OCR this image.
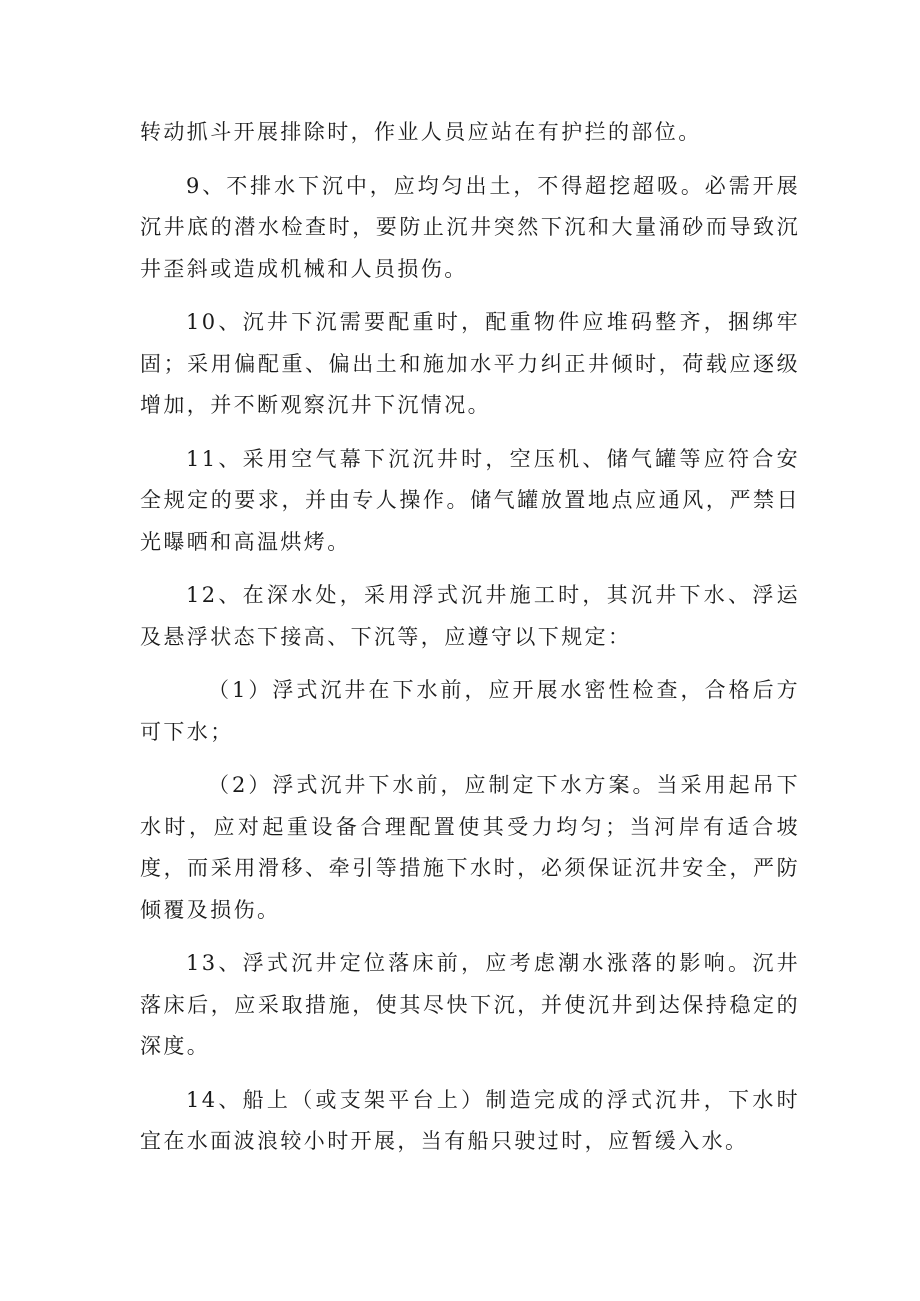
转动抓斗开展排除时，作业人员应站在有护拦的部位。

9、不排水下沉中，应均匀出土，不得超挖超吸。必需开展沉井底的潜水检查时，要防止沉井突然下沉和大量涌砂而导致沉井歪斜或造成机械和人员损伤。

10、沉井下沉需要配重时，配重物件应堆码整齐，捆绑牢固；采用偏配重、偏出土和施加水平力纠正井倾时，荷载应逐级增加，并不断观察沉井下沉情况。

11、采用空气幕下沉沉井时，空压机、储气罐等应符合安全规定的要求，并由专人操作。储气罐放置地点应通风，严禁日光曝晒和高温烘烤。

12、在深水处，采用浮式沉井施工时，其沉井下水、浮运及悬浮状态下接高、下沉等，应遵守以下规定：

（1）浮式沉井在下水前，应开展水密性检查，合格后方可下水；

（2）浮式沉井下水前，应制定下水方案。当采用起吊下水时，应对起重设备合理配置使其受力均匀；当河岸有适合坡度，而采用滑移、牵引等措施下水时，必须保证沉井安全，严防倾覆及损伤。

13、浮式沉井定位落床前，应考虑潮水涨落的影响。沉井落床后，应采取措施，使其尽快下沉，并使沉井到达保持稳定的深度。

14、船上（或支架平台上）制造完成的浮式沉井，下水时宜在水面波浪较小时开展，当有船只驶过时，应暂缓入水。
